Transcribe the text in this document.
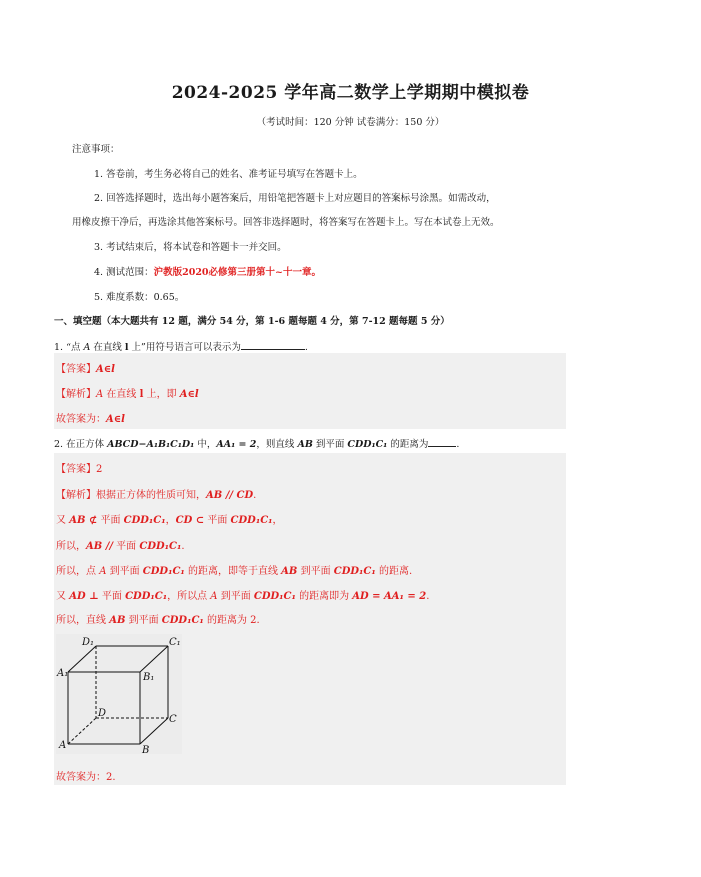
2024-2025 学年高二数学上学期期中模拟卷
（考试时间：120 分钟 试卷满分：150 分）
注意事项：
1. 答卷前，考生务必将自己的姓名、准考证号填写在答题卡上。
2. 回答选择题时，选出每小题答案后，用铅笔把答题卡上对应题目的答案标号涂黑。如需改动，
用橡皮擦干净后，再选涂其他答案标号。回答非选择题时，将答案写在答题卡上。写在本试卷上无效。
3. 考试结束后，将本试卷和答题卡一并交回。
4. 测试范围：沪教版2020必修第三册第十~十一章。
5. 难度系数：0.65。
一、填空题（本大题共有 12 题，满分 54 分，第 1-6 题每题 4 分，第 7-12 题每题 5 分）
1. “点 A 在直线 l 上”用符号语言可以表示为	.
【答案】A∈l
【解析】A 在直线 l 上，即 A∈l
故答案为：A∈l
2. 在正方体 ABCD−A₁B₁C₁D₁ 中，AA₁ = 2，则直线 AB 到平面 CDD₁C₁ 的距离为	.
【答案】2
【解析】根据正方体的性质可知，AB // CD.
又 AB ⊄ 平面 CDD₁C₁，CD ⊂ 平面 CDD₁C₁，
所以，AB // 平面 CDD₁C₁.
所以，点 A 到平面 CDD₁C₁ 的距离，即等于直线 AB 到平面 CDD₁C₁ 的距离.
又 AD ⊥ 平面 CDD₁C₁，所以点 A 到平面 CDD₁C₁ 的距离即为 AD = AA₁ = 2.
所以，直线 AB 到平面 CDD₁C₁ 的距离为 2.
A₁
D₁	C₁
B₁
D
C
A	B
故答案为：2.
